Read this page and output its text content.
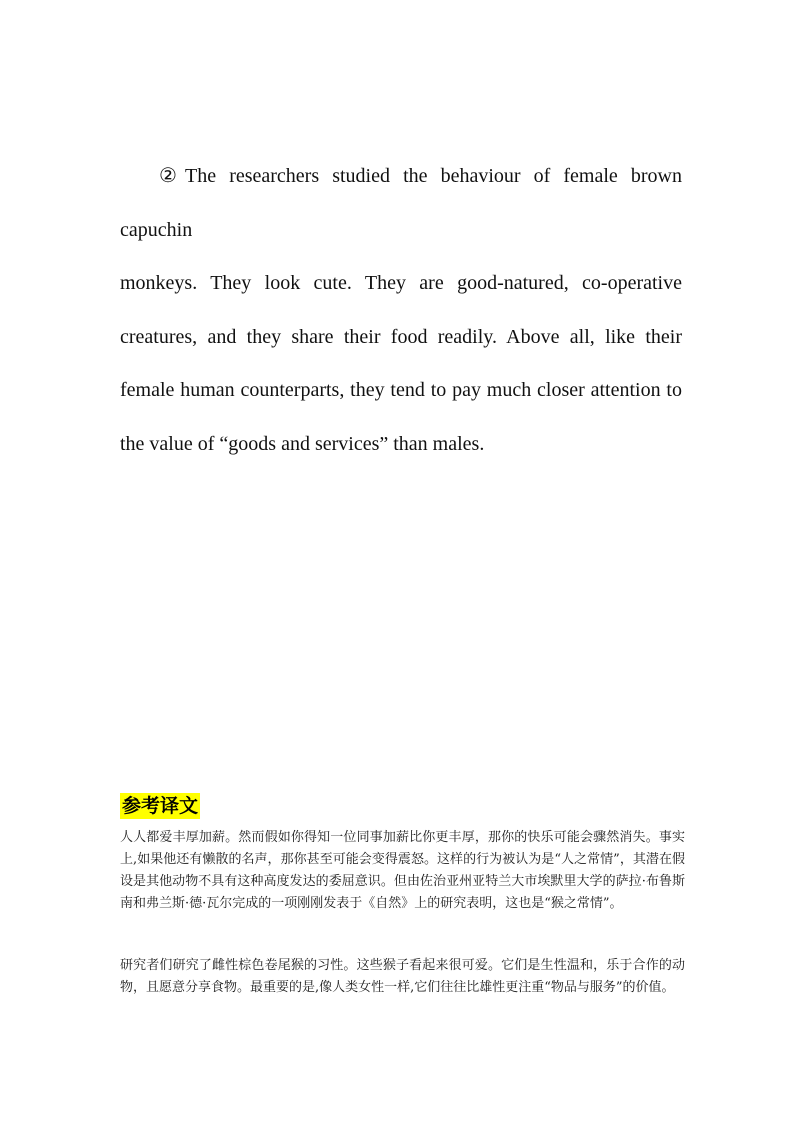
②The researchers studied the behaviour of female brown capuchin
monkeys. They look cute. They are good-natured, co-operative creatures, and they share their food readily. Above all, like their female human counterparts, they tend to pay much closer attention to the value of “goods and services” than males.
参考译文
人人都爱丰厚加薪。然而假如你得知一位同事加薪比你更丰厚，那你的快乐可能会骤然消失。事实上,如果他还有懒散的名声，那你甚至可能会变得震怒。这样的行为被认为是“人之常情”，其潜在假设是其他动物不具有这种高度发达的委屈意识。但由佐治亚州亚特兰大市埃默里大学的萨拉·布鲁斯南和弗兰斯·德·瓦尔完成的一项刚刚发表于《自然》上的研究表明，这也是“猴之常情”。
研究者们研究了雌性棕色卷尾猴的习性。这些猴子看起来很可爱。它们是生性温和，乐于合作的动物，且愿意分享食物。最重要的是,像人类女性一样,它们往往比雄性更注重“物品与服务”的价值。
